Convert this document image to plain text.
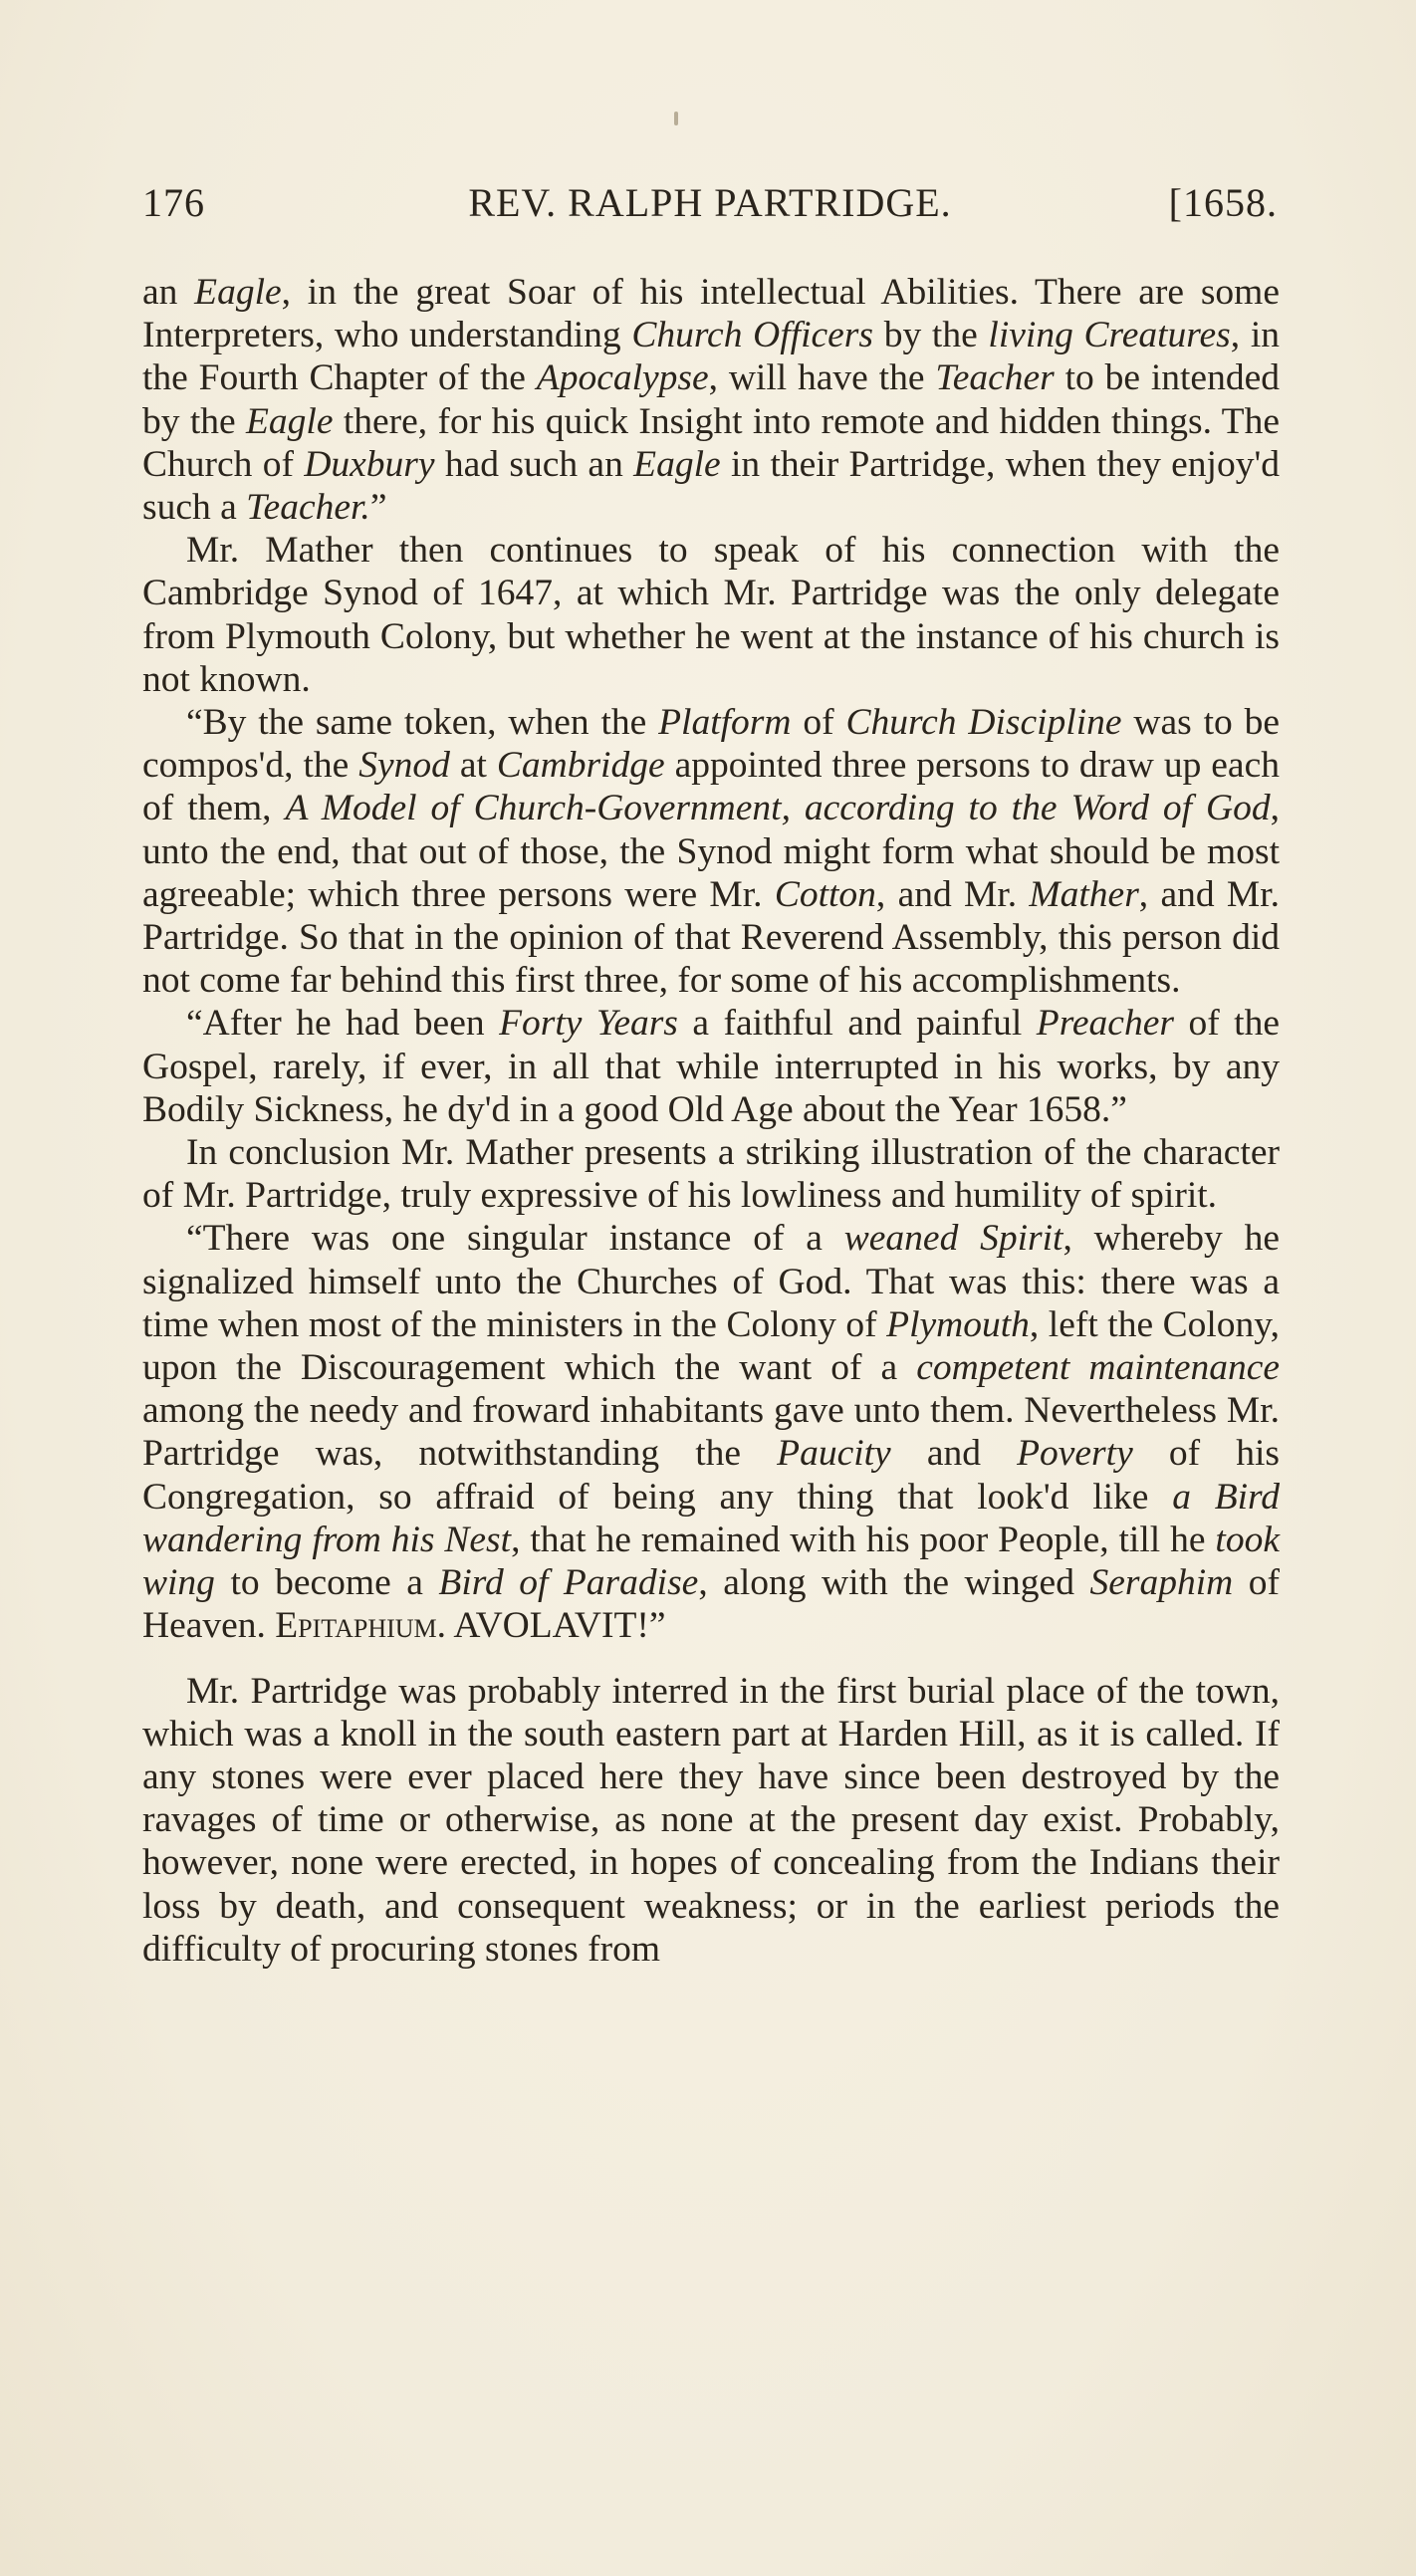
176	REV. RALPH PARTRIDGE.	[1658.

an Eagle, in the great Soar of his intellectual Abilities. There are some Interpreters, who understanding Church Officers by the living Creatures, in the Fourth Chapter of the Apocalypse, will have the Teacher to be intended by the Eagle there, for his quick Insight into remote and hidden things. The Church of Duxbury had such an Eagle in their Partridge, when they enjoy'd such a Teacher.”

Mr. Mather then continues to speak of his connection with the Cambridge Synod of 1647, at which Mr. Partridge was the only delegate from Plymouth Colony, but whether he went at the instance of his church is not known.

“By the same token, when the Platform of Church Discipline was to be compos'd, the Synod at Cambridge appointed three persons to draw up each of them, A Model of Church-Government, according to the Word of God, unto the end, that out of those, the Synod might form what should be most agreeable; which three persons were Mr. Cotton, and Mr. Mather, and Mr. Partridge. So that in the opinion of that Reverend Assembly, this person did not come far behind this first three, for some of his accomplishments.

“After he had been Forty Years a faithful and painful Preacher of the Gospel, rarely, if ever, in all that while interrupted in his works, by any Bodily Sickness, he dy'd in a good Old Age about the Year 1658.”

In conclusion Mr. Mather presents a striking illustration of the character of Mr. Partridge, truly expressive of his lowliness and humility of spirit.

“There was one singular instance of a weaned Spirit, whereby he signalized himself unto the Churches of God. That was this: there was a time when most of the ministers in the Colony of Plymouth, left the Colony, upon the Discouragement which the want of a competent maintenance among the needy and froward inhabitants gave unto them. Nevertheless Mr. Partridge was, notwithstanding the Paucity and Poverty of his Congregation, so affraid of being any thing that look'd like a Bird wandering from his Nest, that he remained with his poor People, till he took wing to become a Bird of Paradise, along with the winged Seraphim of Heaven. Epitaphium. AVOLAVIT!”

Mr. Partridge was probably interred in the first burial place of the town, which was a knoll in the south eastern part at Harden Hill, as it is called. If any stones were ever placed here they have since been destroyed by the ravages of time or otherwise, as none at the present day exist. Probably, however, none were erected, in hopes of concealing from the Indians their loss by death, and consequent weakness; or in the earliest periods the difficulty of procuring stones from
